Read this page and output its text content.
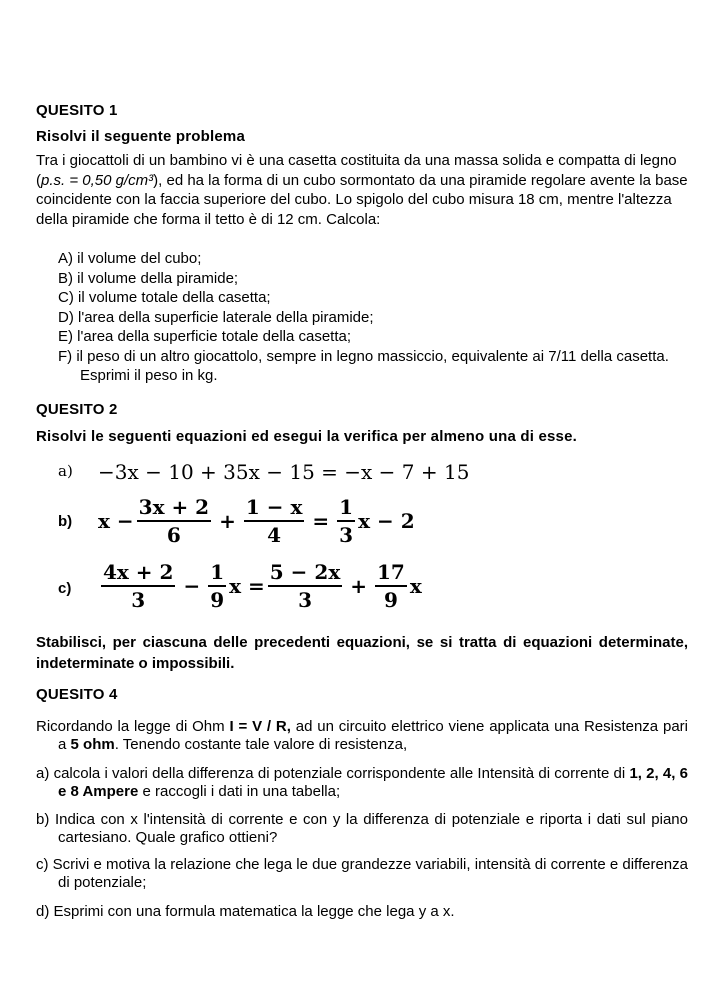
QUESITO 1
Risolvi il seguente problema
Tra i giocattoli di un bambino vi è una casetta costituita da una massa solida e compatta di legno (p.s. = 0,50 g/cm³), ed ha la forma di un cubo sormontato da una piramide regolare avente la base coincidente con la faccia superiore del cubo. Lo spigolo del cubo misura 18 cm, mentre l'altezza della piramide che forma il tetto è di 12 cm. Calcola:
A) il volume del cubo;
B) il volume della piramide;
C) il volume totale della casetta;
D) l'area della superficie laterale della piramide;
E) l'area della superficie totale della casetta;
F) il peso di un altro giocattolo, sempre in legno massiccio, equivalente ai 7/11 della casetta. Esprimi il peso in kg.
QUESITO 2
Risolvi le seguenti equazioni ed esegui la verifica per almeno una di esse.
a) −3x − 10 + 35x − 15 = −x − 7 + 15
b) $x - \frac{3x + 2}{6} + \frac{1 - x}{4} = \frac{1}{3}$ x − 2
$c) \frac{4x + 2}{3} - \frac{1}{9}$ $x = \frac{5 - 2x}{3} + \frac{17}{9}$ x
Stabilisci, per ciascuna delle precedenti equazioni, se si tratta di equazioni determinate, indeterminate o impossibili.
QUESITO 4
Ricordando la legge di Ohm I = V / R, ad un circuito elettrico viene applicata una Resistenza pari a 5 ohm. Tenendo costante tale valore di resistenza,
a) calcola i valori della differenza di potenziale corrispondente alle Intensità di corrente di 1, 2, 4, 6 e 8 Ampere e raccogli i dati in una tabella;
b) Indica con x l'intensità di corrente e con y la differenza di potenziale e riporta i dati sul piano cartesiano. Quale grafico ottieni?
c) Scrivi e motiva la relazione che lega le due grandezze variabili, intensità di corrente e differenza di potenziale;
d) Esprimi con una formula matematica la legge che lega y a x.
